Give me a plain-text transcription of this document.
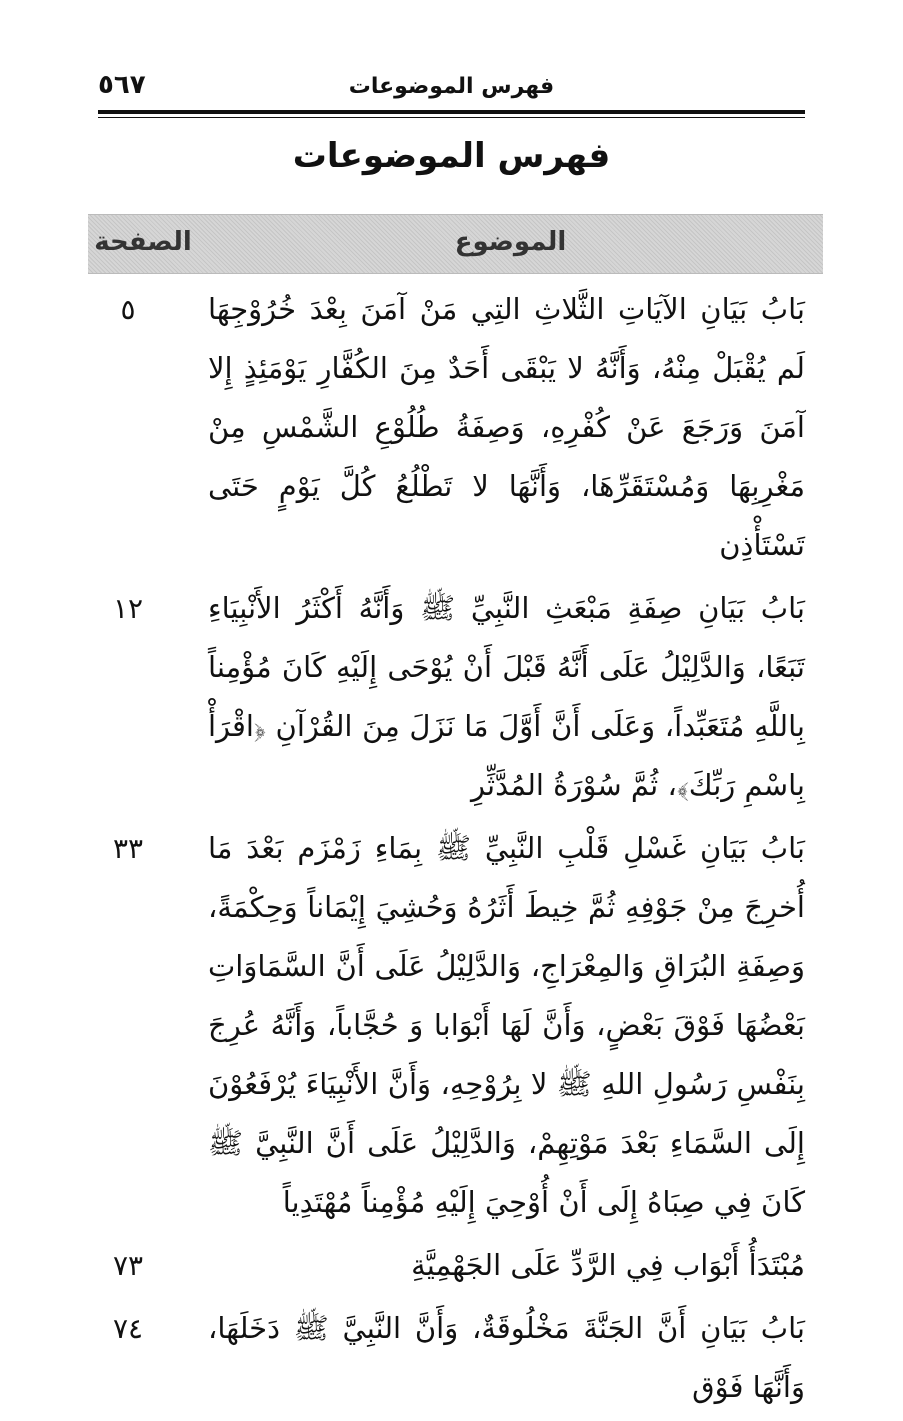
فهرس الموضوعات
٥٦٧
فهرس الموضوعات
الموضوع
الصفحة
بَابُ بَيَانِ الآيَاتِ الثَّلاثِ التِي مَنْ آمَنَ بِعْدَ خُرُوْجِهَا لَم يُقْبَلْ مِنْهُ، وَأَنَّهُ لا يَبْقَى أَحَدٌ مِنَ الكُفَّارِ يَوْمَئِذٍ إِلا آمَنَ وَرَجَعَ عَنْ كُفْرِهِ، وَصِفَةُ طُلُوْعِ الشَّمْسِ مِنْ مَغْرِبِهَا وَمُسْتَقَرِّهَا، وَأَنَّهَا لا تَطْلُعُ كُلَّ يَوْمٍ حَتَى تَسْتَأْذِن
٥
بَابُ بَيَانِ صِفَةِ مَبْعَثِ النَّبِيِّ ﷺ وَأَنَّهُ أَكْثَرُ الأَنْبِيَاءِ تَبَعًا، وَالدَّلِيْلُ عَلَى أَنَّهُ قَبْلَ أَنْ يُوْحَى إِلَيْهِ كَانَ مُؤْمِناً بِاللَّهِ مُتَعَبِّداً، وَعَلَى أَنَّ أَوَّلَ مَا نَزَلَ مِنَ القُرْآنِ ﴿اقْرَأْ بِاسْمِ رَبِّكَ﴾، ثُمَّ سُوْرَةُ المُدَّثِّرِ
١٢
بَابُ بَيَانِ غَسْلِ قَلْبِ النَّبِيِّ ﷺ بِمَاءِ زَمْزَم بَعْدَ مَا أُخرِجَ مِنْ جَوْفِهِ ثُمَّ خِيطَ أَثَرُهُ وَحُشِيَ إِيْمَاناً وَحِكْمَةً، وَصِفَةِ البُرَاقِ وَالمِعْرَاجِ، وَالدَّلِيْلُ عَلَى أَنَّ السَّمَاوَاتِ بَعْضُهَا فَوْقَ بَعْضٍ، وَأَنَّ لَهَا أَبْوَابا وَ حُجَّاباً، وَأَنَّهُ عُرِجَ بِنَفْسِ رَسُولِ اللهِ ﷺ لا بِرُوْحِهِ، وَأَنَّ الأَنْبِيَاءَ يُرْفَعُوْنَ إِلَى السَّمَاءِ بَعْدَ مَوْتِهِمْ، وَالدَّلِيْلُ عَلَى أَنَّ النَّبِيَّ ﷺ كَانَ فِي صِبَاهُ إِلَى أَنْ أُوْحِيَ إِلَيْهِ مُؤْمِناً مُهْتَدِياً
٣٣
مُبْتَدَأُ أَبْوَاب فِي الرَّدِّ عَلَى الجَهْمِيَّةِ
٧٣
بَابُ بَيَانِ أَنَّ الجَنَّةَ مَخْلُوقَةٌ، وَأَنَّ النَّبِيَّ ﷺ دَخَلَهَا، وَأَنَّهَا فَوْق
٧٤
